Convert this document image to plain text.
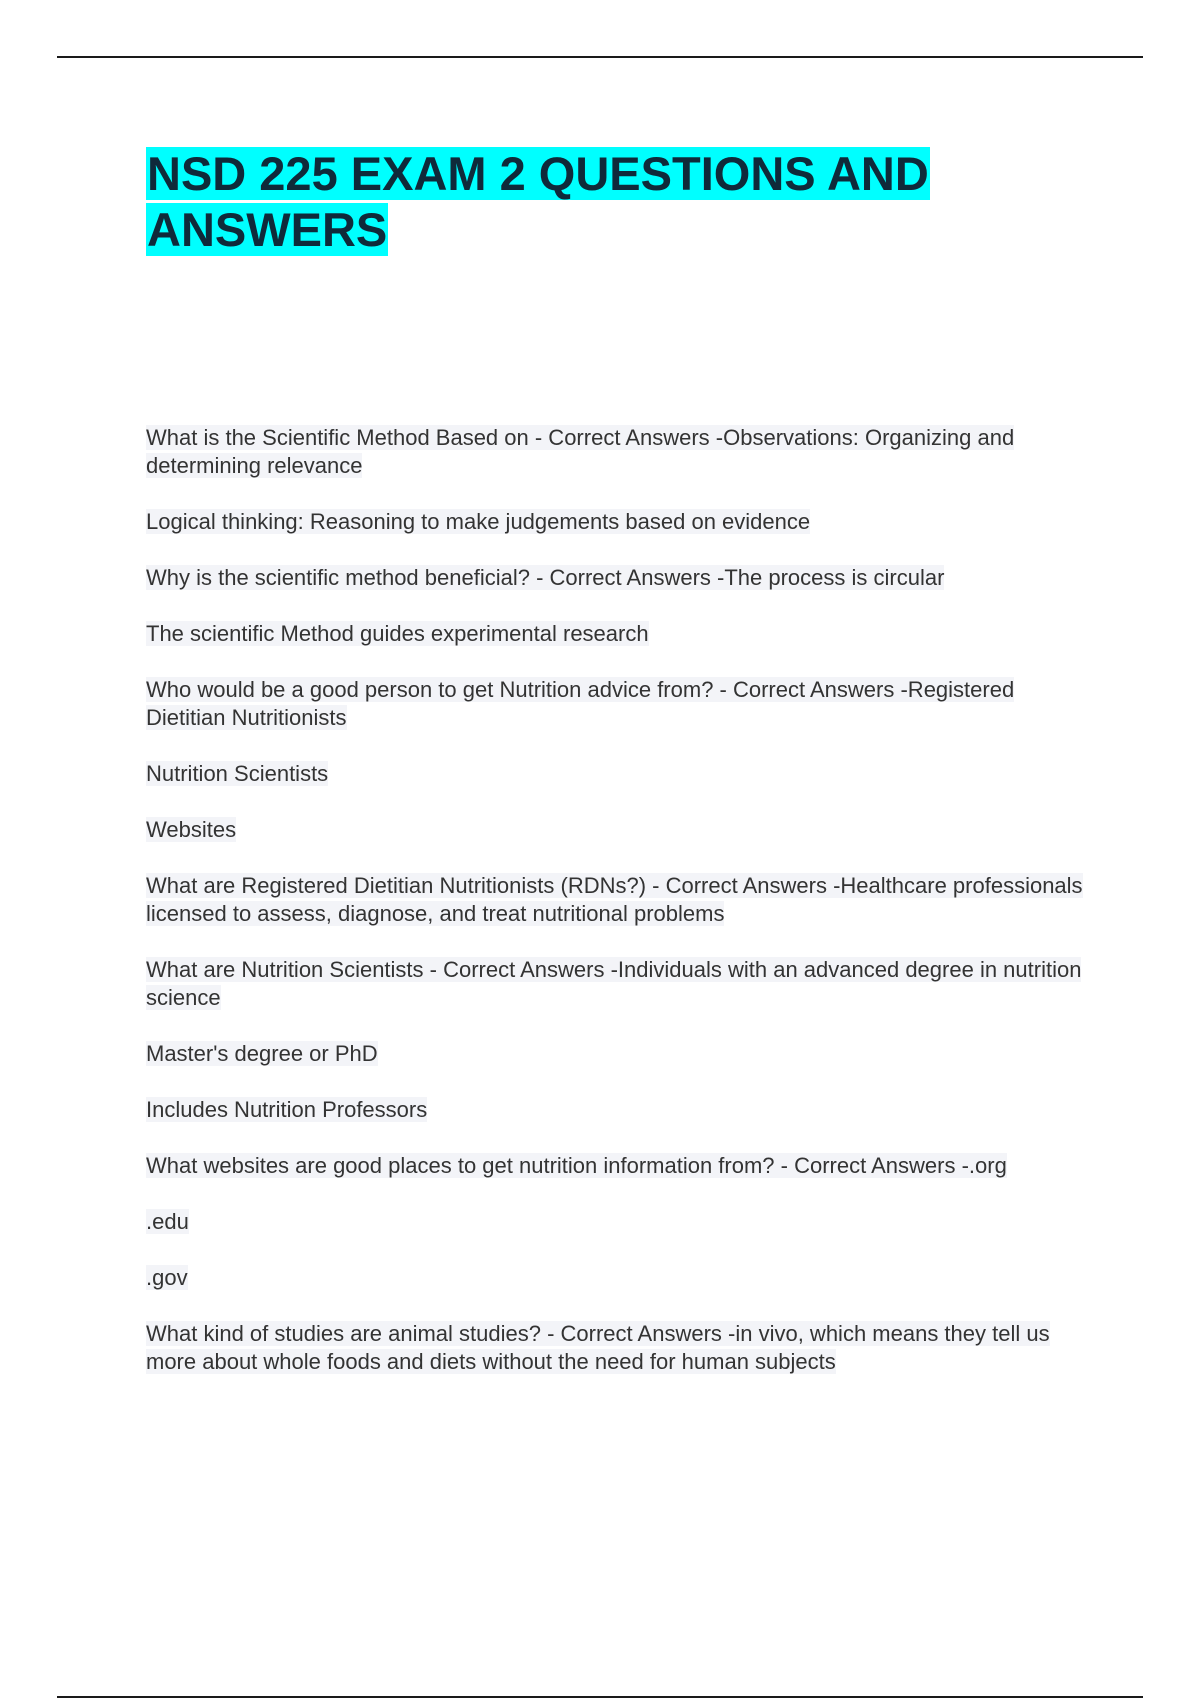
NSD 225 EXAM 2 QUESTIONS AND ANSWERS

What is the Scientific Method Based on - Correct Answers -Observations: Organizing and determining relevance

Logical thinking: Reasoning to make judgements based on evidence

Why is the scientific method beneficial? - Correct Answers -The process is circular

The scientific Method guides experimental research

Who would be a good person to get Nutrition advice from? - Correct Answers -Registered Dietitian Nutritionists

Nutrition Scientists

Websites

What are Registered Dietitian Nutritionists (RDNs?) - Correct Answers -Healthcare professionals licensed to assess, diagnose, and treat nutritional problems

What are Nutrition Scientists - Correct Answers -Individuals with an advanced degree in nutrition science

Master's degree or PhD

Includes Nutrition Professors

What websites are good places to get nutrition information from? - Correct Answers -.org

.edu

.gov

What kind of studies are animal studies? - Correct Answers -in vivo, which means they tell us more about whole foods and diets without the need for human subjects
